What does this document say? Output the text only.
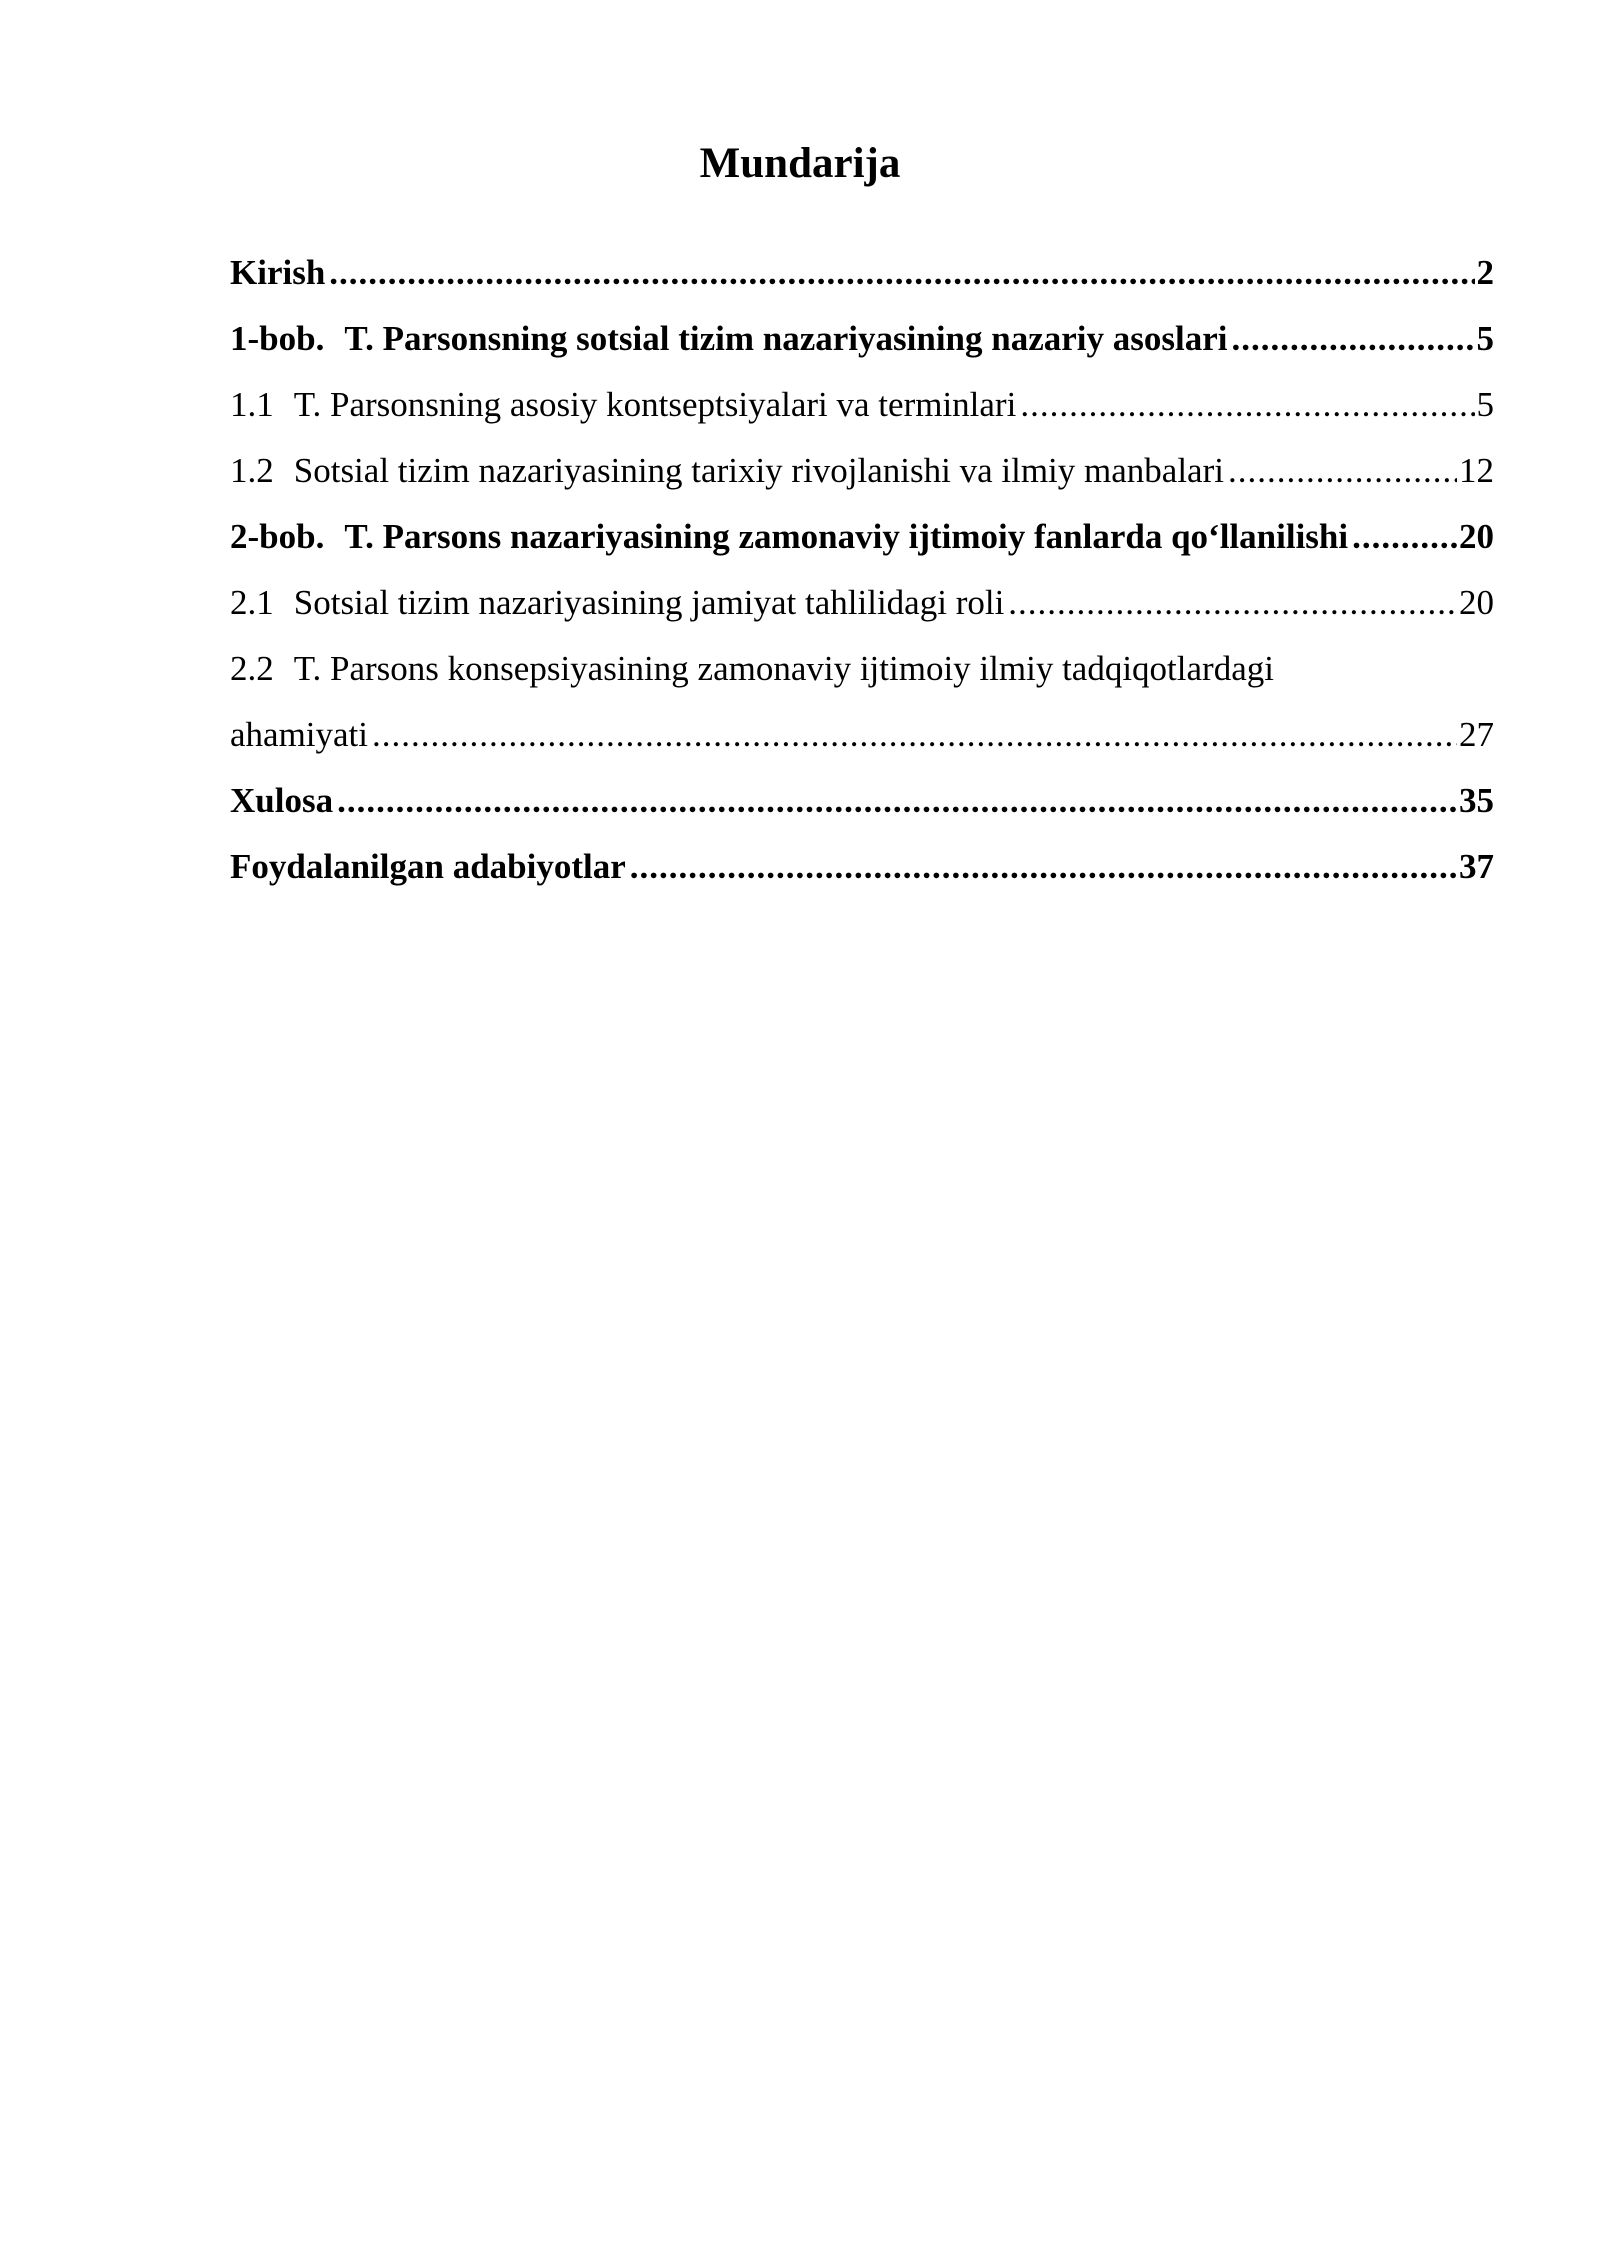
Mundarija
Kirish .....	2
1-bob. T. Parsonsning sotsial tizim nazariyasining nazariy asoslari .....	5
1.1 T. Parsonsning asosiy kontseptsiyalari va terminlari .....	5
1.2 Sotsial tizim nazariyasining tarixiy rivojlanishi va ilmiy manbalari .....	12
2-bob. T. Parsons nazariyasining zamonaviy ijtimoiy fanlarda qo‘llanilishi .....	20
2.1 Sotsial tizim nazariyasining jamiyat tahlilidagi roli .....	20
2.2 T. Parsons konsepsiyasining zamonaviy ijtimoiy ilmiy tadqiqotlardagi
ahamiyati .....	27
Xulosa .....	35
Foydalanilgan adabiyotlar .....	37
